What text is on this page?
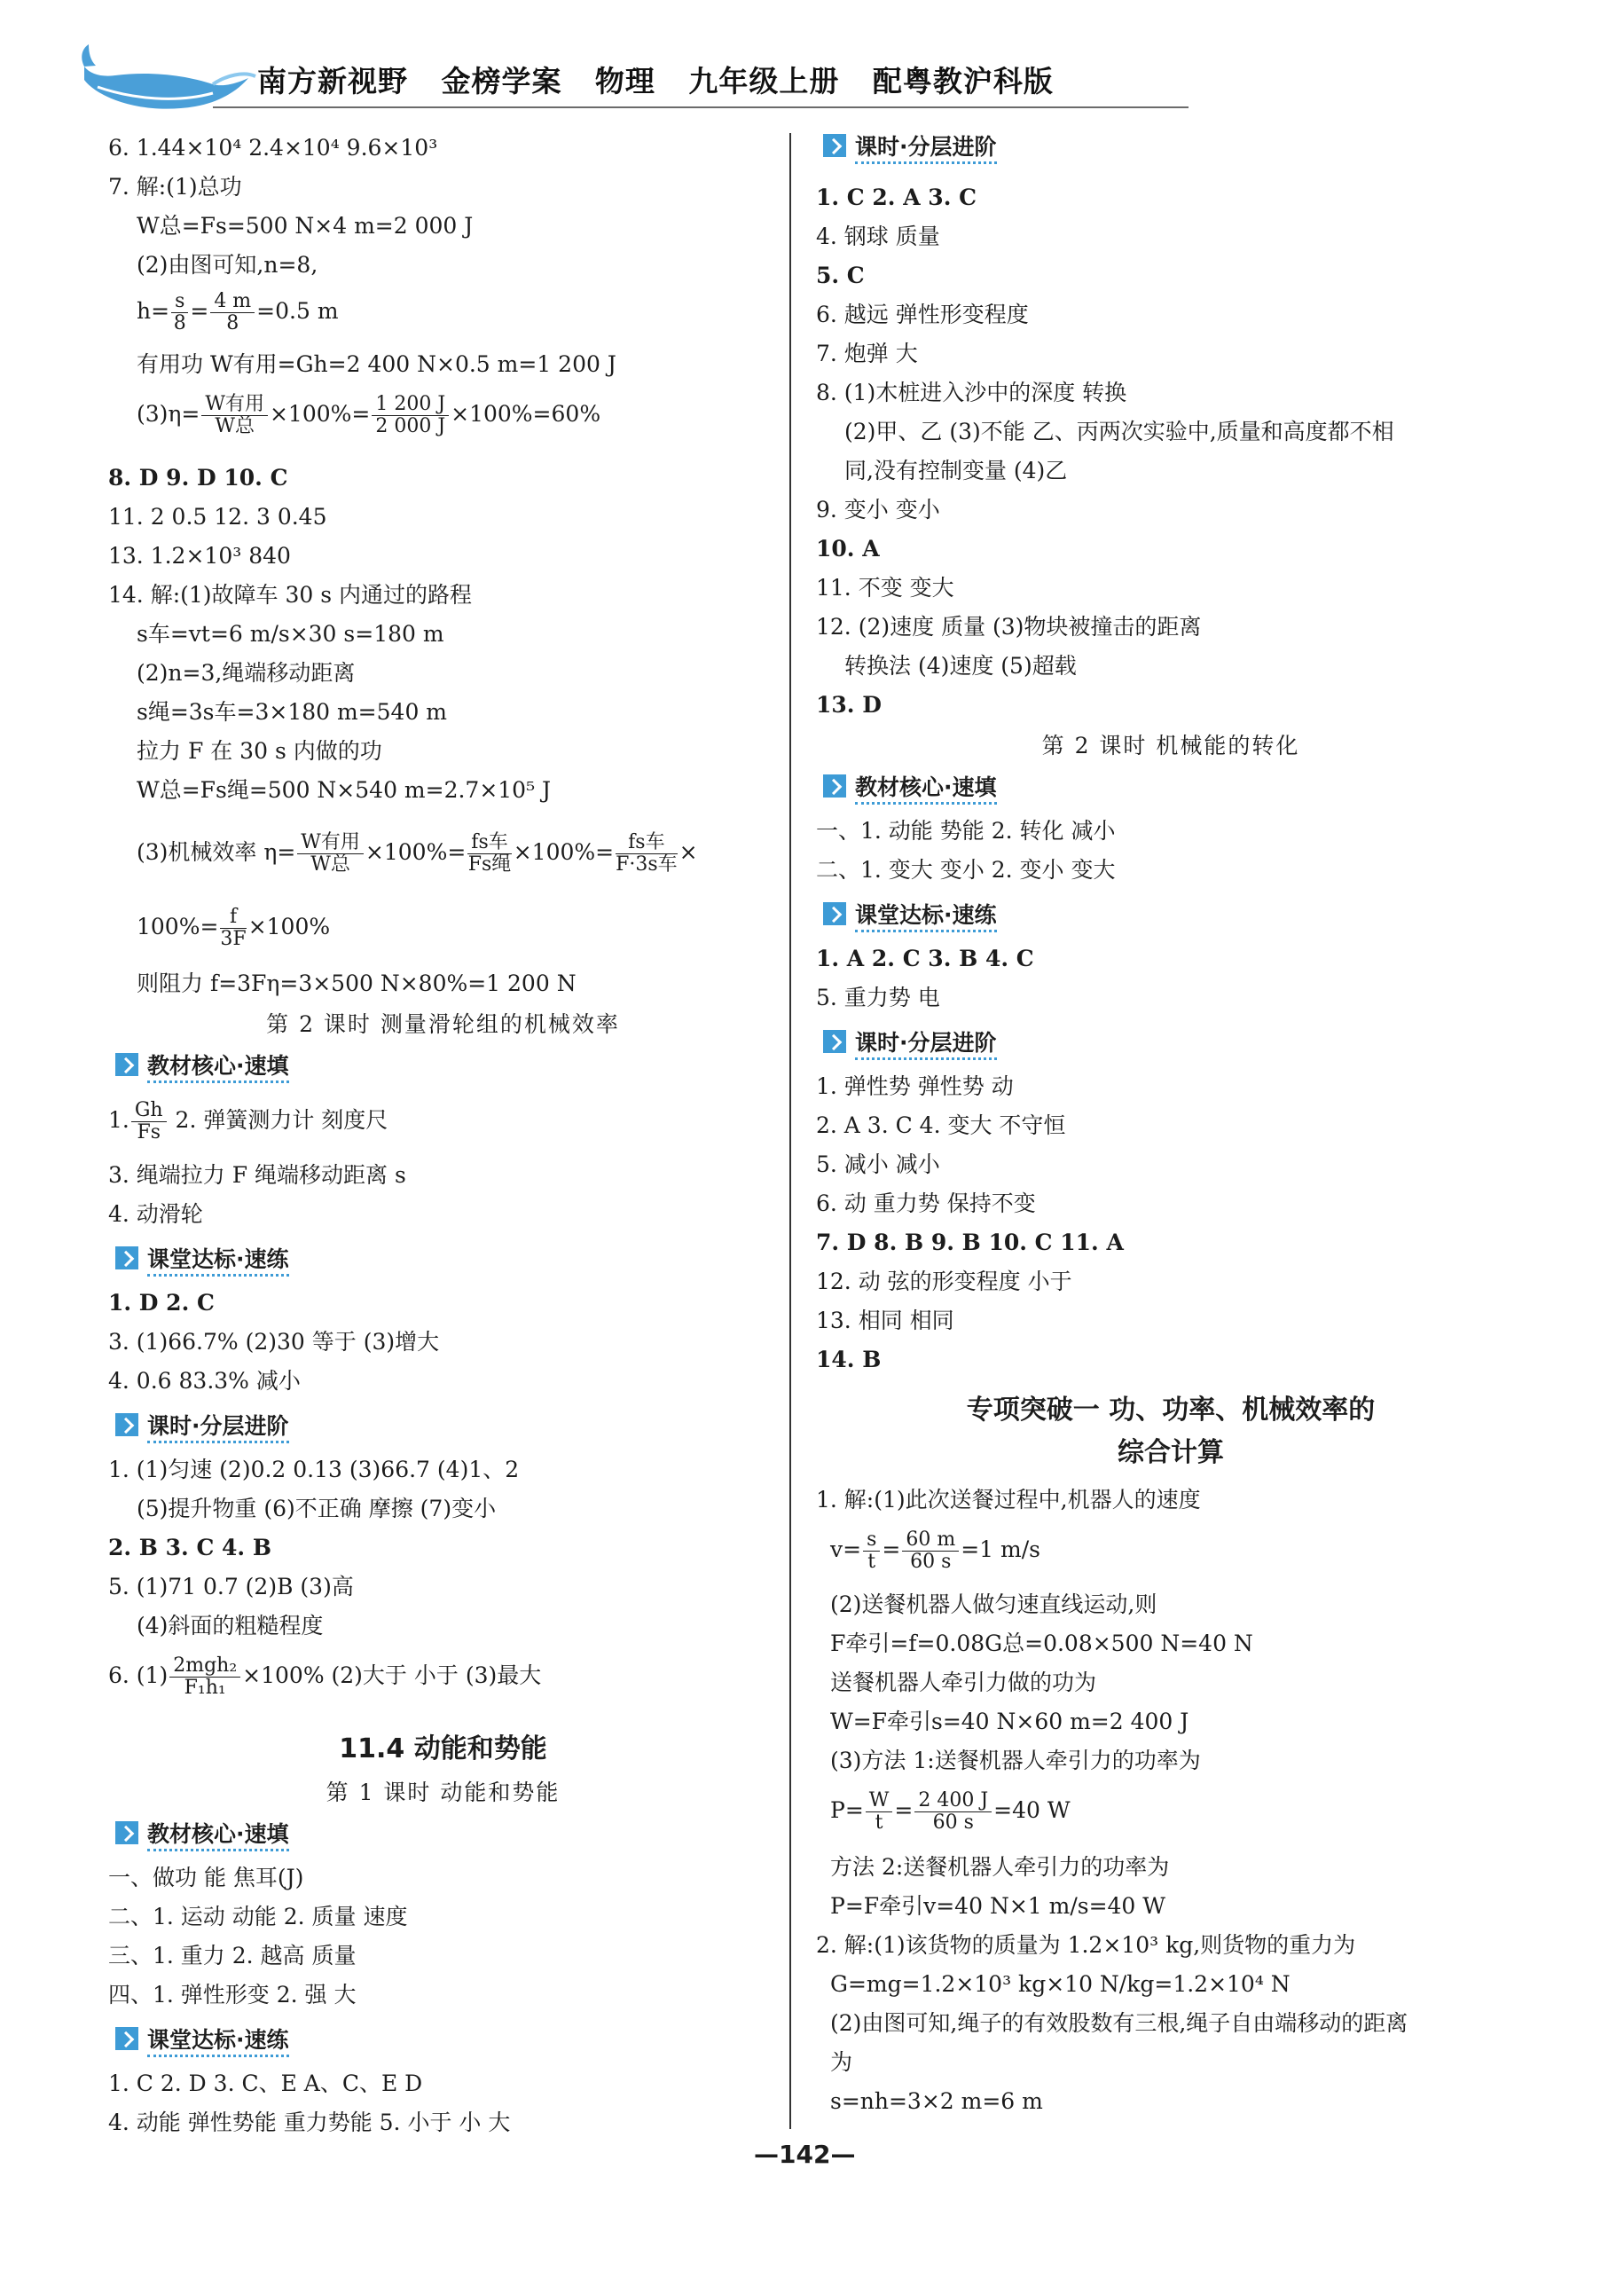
南方新视野   金榜学案   物理   九年级上册   配粤教沪科版
6. 1.44×10⁴ 2.4×10⁴ 9.6×10³
7. 解:(1)总功
W总=Fs=500 N×4 m=2 000 J
(2)由图可知,n=8,
$h= \frac{s}{8} = \frac{4 m}{8} =0.5$ m
有用功 W有用=Gh=2 400 N×0.5 m=1 200 J
$(3)\eta= \frac{\text{W有用}}{\text{W总}} \times 100\%= \frac{1 200 J}{2 000 J} \times 100\%=60\%$
8. D 9. D 10. C
11. 2 0.5 12. 3 0.45
13. 1.2×10³ 840
14. 解:(1)故障车 30 s 内通过的路程
s车=vt=6 m/s×30 s=180 m
(2)n=3,绳端移动距离
s绳=3s车=3×180 m=540 m
拉力 F 在 30 s 内做的功
W总=Fs绳=500 N×540 m=2.7×10⁵ J
(3)机械效率 $\eta= \frac{\text{W有用}}{\text{W总}} \times 100\%= \frac{\text{fs车}}{\text{Fs绳}} \times 100\%= \frac{\text{fs车}}{\text{F·3s车}}$ ×
$100\%= \frac{f}{3F} \times 100\%$
则阻力 f=3Fη=3×500 N×80%=1 200 N
第 2 课时 测量滑轮组的机械效率
教材核心·速填
1. $\frac{Gh}{Fs} 2$. 弹簧测力计 刻度尺
3. 绳端拉力 F 绳端移动距离 s
4. 动滑轮
课堂达标·速练
1. D 2. C
3. (1)66.7% (2)30 等于 (3)增大
4. 0.6 83.3% 减小
课时·分层进阶
1. (1)匀速 (2)0.2 0.13 (3)66.7 (4)1、2
(5)提升物重 (6)不正确 摩擦 (7)变小
2. B 3. C 4. B
5. (1)71 0.7 (2)B (3)高
(4)斜面的粗糙程度
6. $(1) \frac{\text{2mgh₂}}{\text{F₁h₁}} \times 100\%$ (2)大于 小于 (3)最大
11.4 动能和势能
第 1 课时 动能和势能
教材核心·速填
一、做功 能 焦耳(J)
二、1. 运动 动能 2. 质量 速度
三、1. 重力 2. 越高 质量
四、1. 弹性形变 2. 强 大
课堂达标·速练
1. C 2. D 3. C、E A、C、E D
4. 动能 弹性势能 重力势能 5. 小于 小 大
课时·分层进阶
1. C 2. A 3. C
4. 钢球 质量
5. C
6. 越远 弹性形变程度
7. 炮弹 大
8. (1)木桩进入沙中的深度 转换
(2)甲、乙 (3)不能 乙、丙两次实验中,质量和高度都不相
同,没有控制变量 (4)乙
9. 变小 变小
10. A
11. 不变 变大
12. (2)速度 质量 (3)物块被撞击的距离
转换法 (4)速度 (5)超载
13. D
第 2 课时 机械能的转化
教材核心·速填
一、1. 动能 势能 2. 转化 减小
二、1. 变大 变小 2. 变小 变大
课堂达标·速练
1. A 2. C 3. B 4. C
5. 重力势 电
课时·分层进阶
1. 弹性势 弹性势 动
2. A 3. C 4. 变大 不守恒
5. 减小 减小
6. 动 重力势 保持不变
7. D 8. B 9. B 10. C 11. A
12. 动 弦的形变程度 小于
13. 相同 相同
14. B
专项突破一 功、功率、机械效率的
综合计算
1. 解:(1)此次送餐过程中,机器人的速度
$v= \frac{s}{t} = \frac{60 m}{60 s} =1$ m/s
(2)送餐机器人做匀速直线运动,则
F牵引=f=0.08G总=0.08×500 N=40 N
送餐机器人牵引力做的功为
W=F牵引s=40 N×60 m=2 400 J
(3)方法 1:送餐机器人牵引力的功率为
$P= \frac{W}{t} = \frac{2 400 J}{60 s} =40$ W
方法 2:送餐机器人牵引力的功率为
P=F牵引v=40 N×1 m/s=40 W
2. 解:(1)该货物的质量为 1.2×10³ kg,则货物的重力为
G=mg=1.2×10³ kg×10 N/kg=1.2×10⁴ N
(2)由图可知,绳子的有效股数有三根,绳子自由端移动的距离
为
s=nh=3×2 m=6 m
—142—
